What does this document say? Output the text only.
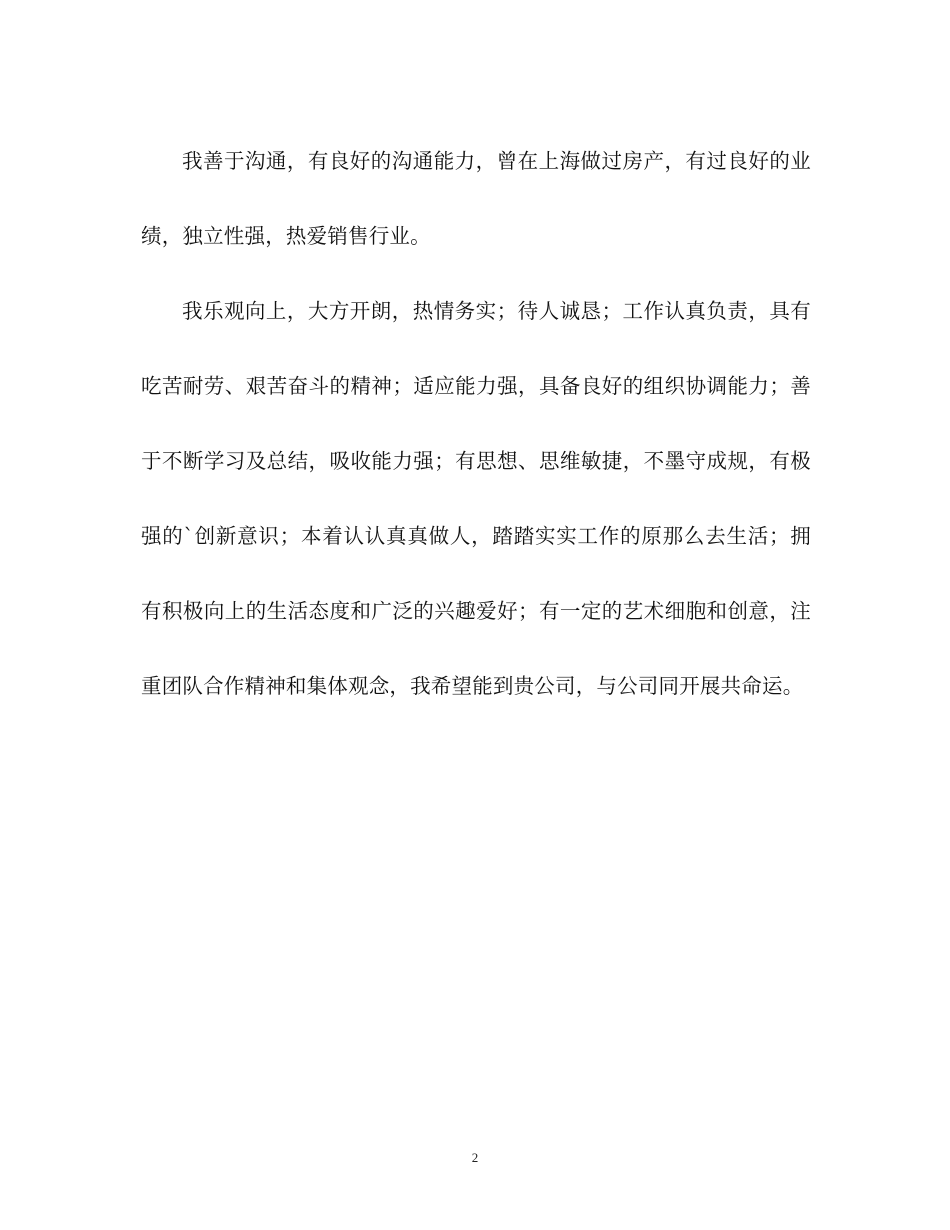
我善于沟通，有良好的沟通能力，曾在上海做过房产，有过良好的业绩，独立性强，热爱销售行业。

我乐观向上，大方开朗，热情务实；待人诚恳；工作认真负责，具有吃苦耐劳、艰苦奋斗的精神；适应能力强，具备良好的组织协调能力；善于不断学习及总结，吸收能力强；有思想、思维敏捷，不墨守成规，有极强的`创新意识；本着认认真真做人，踏踏实实工作的原那么去生活；拥有积极向上的生活态度和广泛的兴趣爱好；有一定的艺术细胞和创意，注重团队合作精神和集体观念，我希望能到贵公司，与公司同开展共命运。

2
